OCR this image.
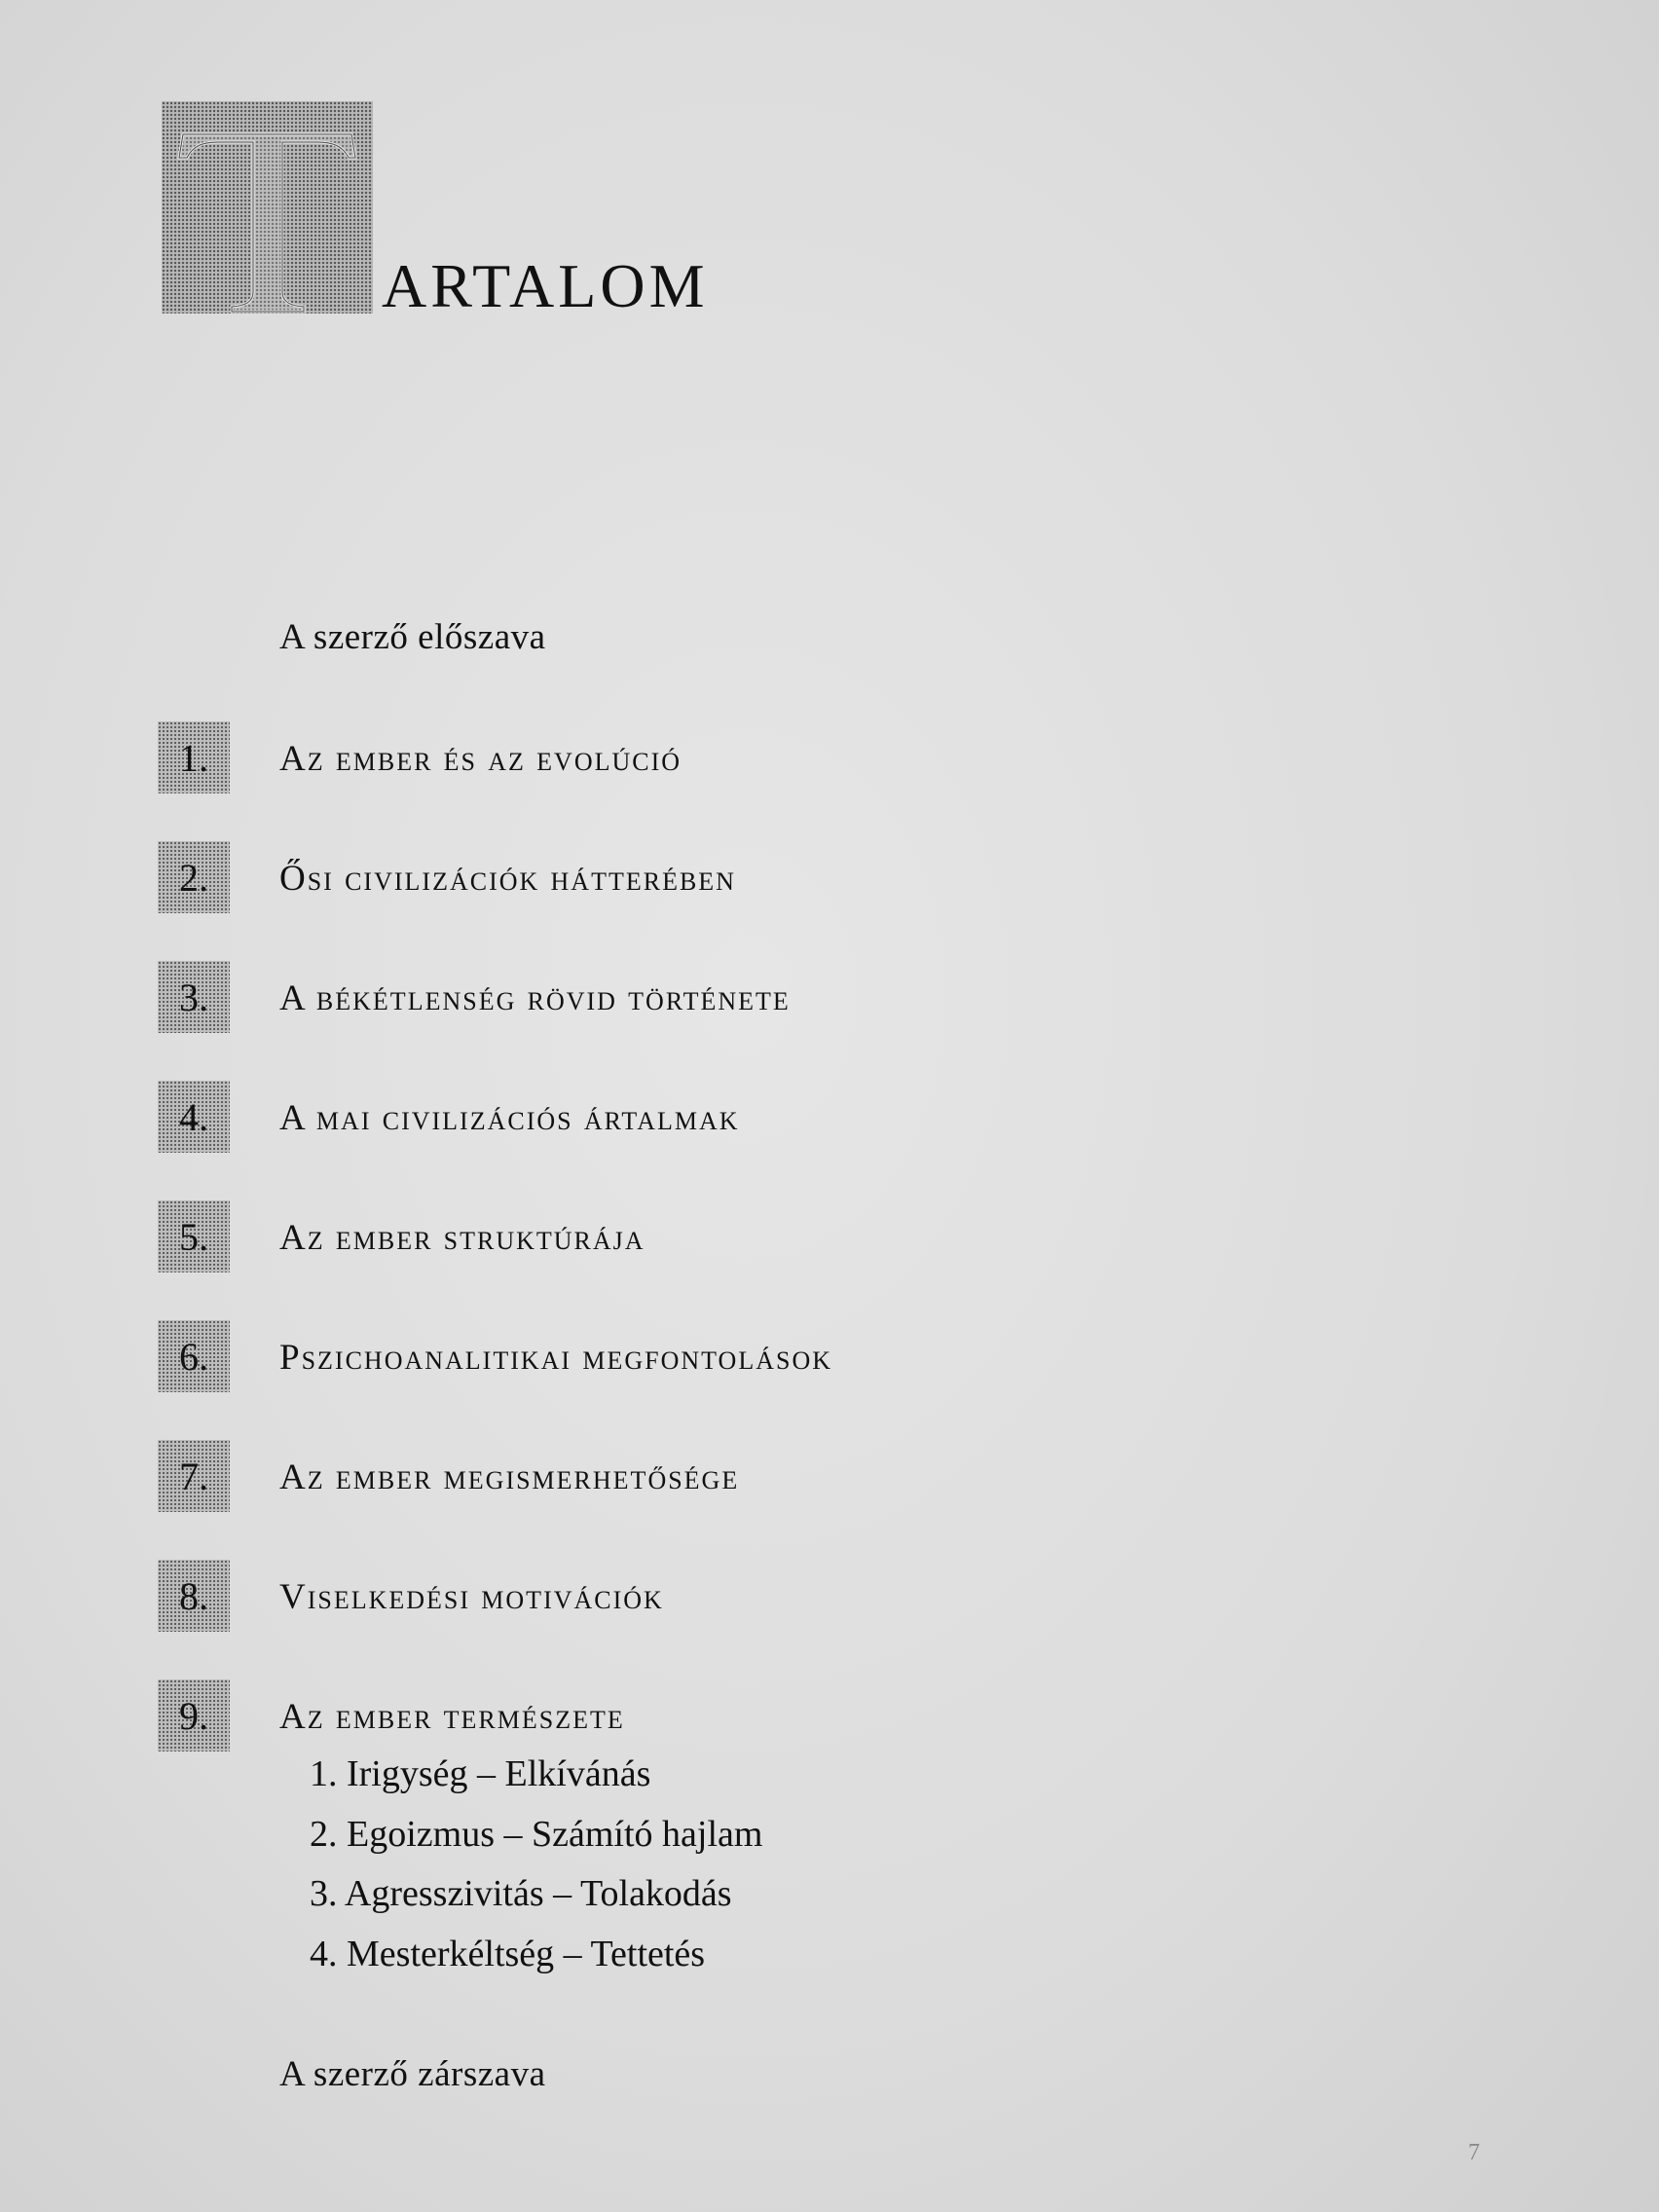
ARTALOM
A szerző előszava
1. Az ember és az evolúció
2. Ősi civilizációk hátterében
3. A békétlenség rövid története
4. A mai civilizációs ártalmak
5. Az ember struktúrája
6. Pszichoanalitikai megfontolások
7. Az ember megismerhetősége
8. Viselkedési motivációk
9. Az ember természete
1. Irigység – Elkívánás
2. Egoizmus – Számító hajlam
3. Agresszivitás – Tolakodás
4. Mesterkéltség – Tettetés
A szerző zárszava
7
